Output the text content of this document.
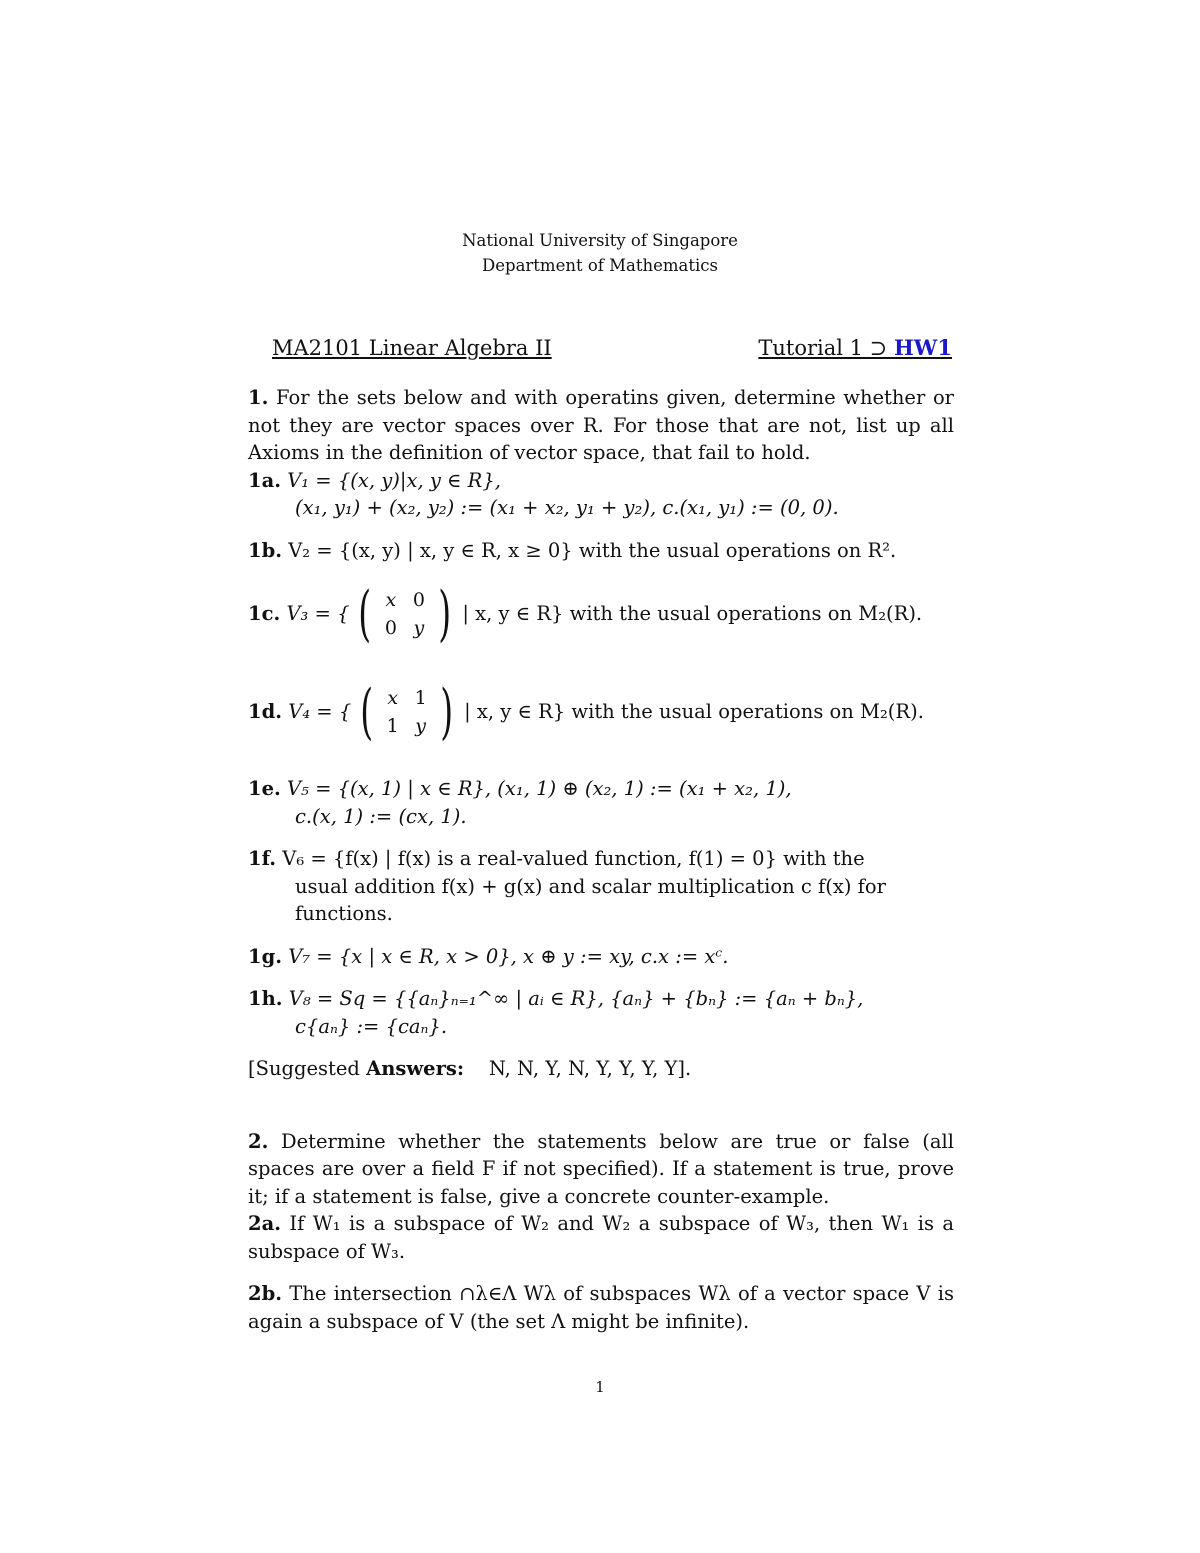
National University of Singapore
Department of Mathematics
MA2101 Linear Algebra II	Tutorial 1 ⊃ HW1

1. For the sets below and with operatins given, determine whether or not they are vector spaces over R. For those that are not, list up all Axioms in the definition of vector space, that fail to hold.

1a. V₁ = {(x, y)|x, y ∈ R},

(x₁, y₁) + (x₂, y₂) := (x₁ + x₂, y₁ + y₂), c.(x₁, y₁) := (0, 0).

1b. V₂ = {(x, y) | x, y ∈ R, x ≥ 0} with the usual operations on R².

1c.
V₃ = { ( x 0
0 y ) | x, y ∈ R} with the usual operations on M₂(R).
1d.
V₄ = { ( x 1
1 y ) | x, y ∈ R} with the usual operations on M₂(R).

1e. V₅ = {(x, 1) | x ∈ R}, (x₁, 1) ⊕ (x₂, 1) := (x₁ + x₂, 1),

c.(x, 1) := (cx, 1).

1f. V₆ = {f(x) | f(x) is a real-valued function, f(1) = 0} with the

usual addition f(x) + g(x) and scalar multiplication c f(x) for

functions.

1g. V₇ = {x | x ∈ R, x > 0}, x ⊕ y := xy, c.x := xᶜ.

1h. V₈ = Sq = {{aₙ}ₙ₌₁^∞ | aᵢ ∈ R}, {aₙ} + {bₙ} := {aₙ + bₙ},

c{aₙ} := {caₙ}.

[Suggested Answers:    N, N, Y, N, Y, Y, Y, Y].

2. Determine whether the statements below are true or false (all spaces are over a field F if not specified). If a statement is true, prove it; if a statement is false, give a concrete counter-example.

2a. If W₁ is a subspace of W₂ and W₂ a subspace of W₃, then W₁ is a subspace of W₃.

2b. The intersection ∩λ∈Λ Wλ of subspaces Wλ of a vector space V is again a subspace of V (the set Λ might be infinite).

1
